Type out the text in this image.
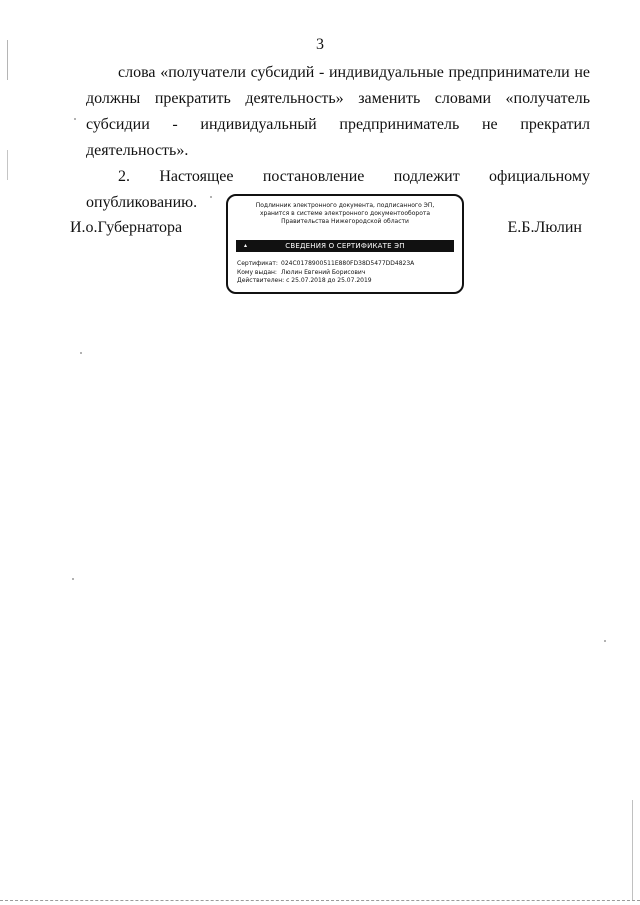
3

слова «получатели субсидий - индивидуальные предприниматели не должны прекратить деятельность» заменить словами «получатель субсидии - индивидуальный предприниматель не прекратил деятельность».

2. Настоящее постановление подлежит официальному опубликованию.

И.о.Губернатора
Подлинник электронного документа, подписанного ЭП,
хранится в системе электронного документооборота
Правительства Нижегородской области
▴	СВЕДЕНИЯ О СЕРТИФИКАТЕ ЭП
Сертификат: 024C0178900511E880FD38D5477DD4823A
Кому выдан: Люлин Евгений Борисович
Действителен: с 25.07.2018 до 25.07.2019
Е.Б.Люлин
